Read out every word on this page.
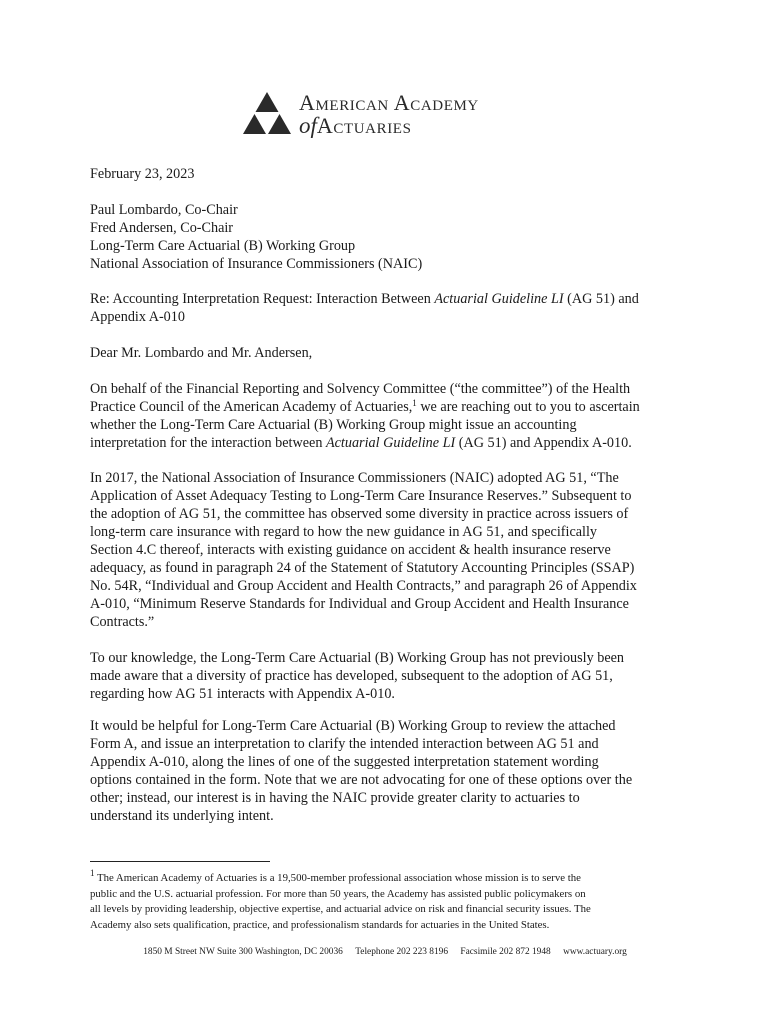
American Academy
ofActuaries
February 23, 2023
Paul Lombardo, Co-Chair
Fred Andersen, Co-Chair
Long-Term Care Actuarial (B) Working Group
National Association of Insurance Commissioners (NAIC)
Re: Accounting Interpretation Request: Interaction Between Actuarial Guideline LI (AG 51) and
Appendix A-010
Dear Mr. Lombardo and Mr. Andersen,
On behalf of the Financial Reporting and Solvency Committee (“the committee”) of the Health
Practice Council of the American Academy of Actuaries,$^1$ we are reaching out to you to ascertain
whether the Long-Term Care Actuarial (B) Working Group might issue an accounting
interpretation for the interaction between Actuarial Guideline LI (AG 51) and Appendix A-010.
In 2017, the National Association of Insurance Commissioners (NAIC) adopted AG 51, “The
Application of Asset Adequacy Testing to Long-Term Care Insurance Reserves.” Subsequent to
the adoption of AG 51, the committee has observed some diversity in practice across issuers of
long-term care insurance with regard to how the new guidance in AG 51, and specifically
Section 4.C thereof, interacts with existing guidance on accident & health insurance reserve
adequacy, as found in paragraph 24 of the Statement of Statutory Accounting Principles (SSAP)
No. 54R, “Individual and Group Accident and Health Contracts,” and paragraph 26 of Appendix
A-010, “Minimum Reserve Standards for Individual and Group Accident and Health Insurance
Contracts.”
To our knowledge, the Long-Term Care Actuarial (B) Working Group has not previously been
made aware that a diversity of practice has developed, subsequent to the adoption of AG 51,
regarding how AG 51 interacts with Appendix A-010.
It would be helpful for Long-Term Care Actuarial (B) Working Group to review the attached
Form A, and issue an interpretation to clarify the intended interaction between AG 51 and
Appendix A-010, along the lines of one of the suggested interpretation statement wording
options contained in the form. Note that we are not advocating for one of these options over the
other; instead, our interest is in having the NAIC provide greater clarity to actuaries to
understand its underlying intent.
$^1$ The American Academy of Actuaries is a 19,500-member professional association whose mission is to serve the
public and the U.S. actuarial profession. For more than 50 years, the Academy has assisted public policymakers on
all levels by providing leadership, objective expertise, and actuarial advice on risk and financial security issues. The
Academy also sets qualification, practice, and professionalism standards for actuaries in the United States.
1850 M Street NW Suite 300 Washington, DC 20036 Telephone 202 223 8196 Facsimile 202 872 1948 www.actuary.org
